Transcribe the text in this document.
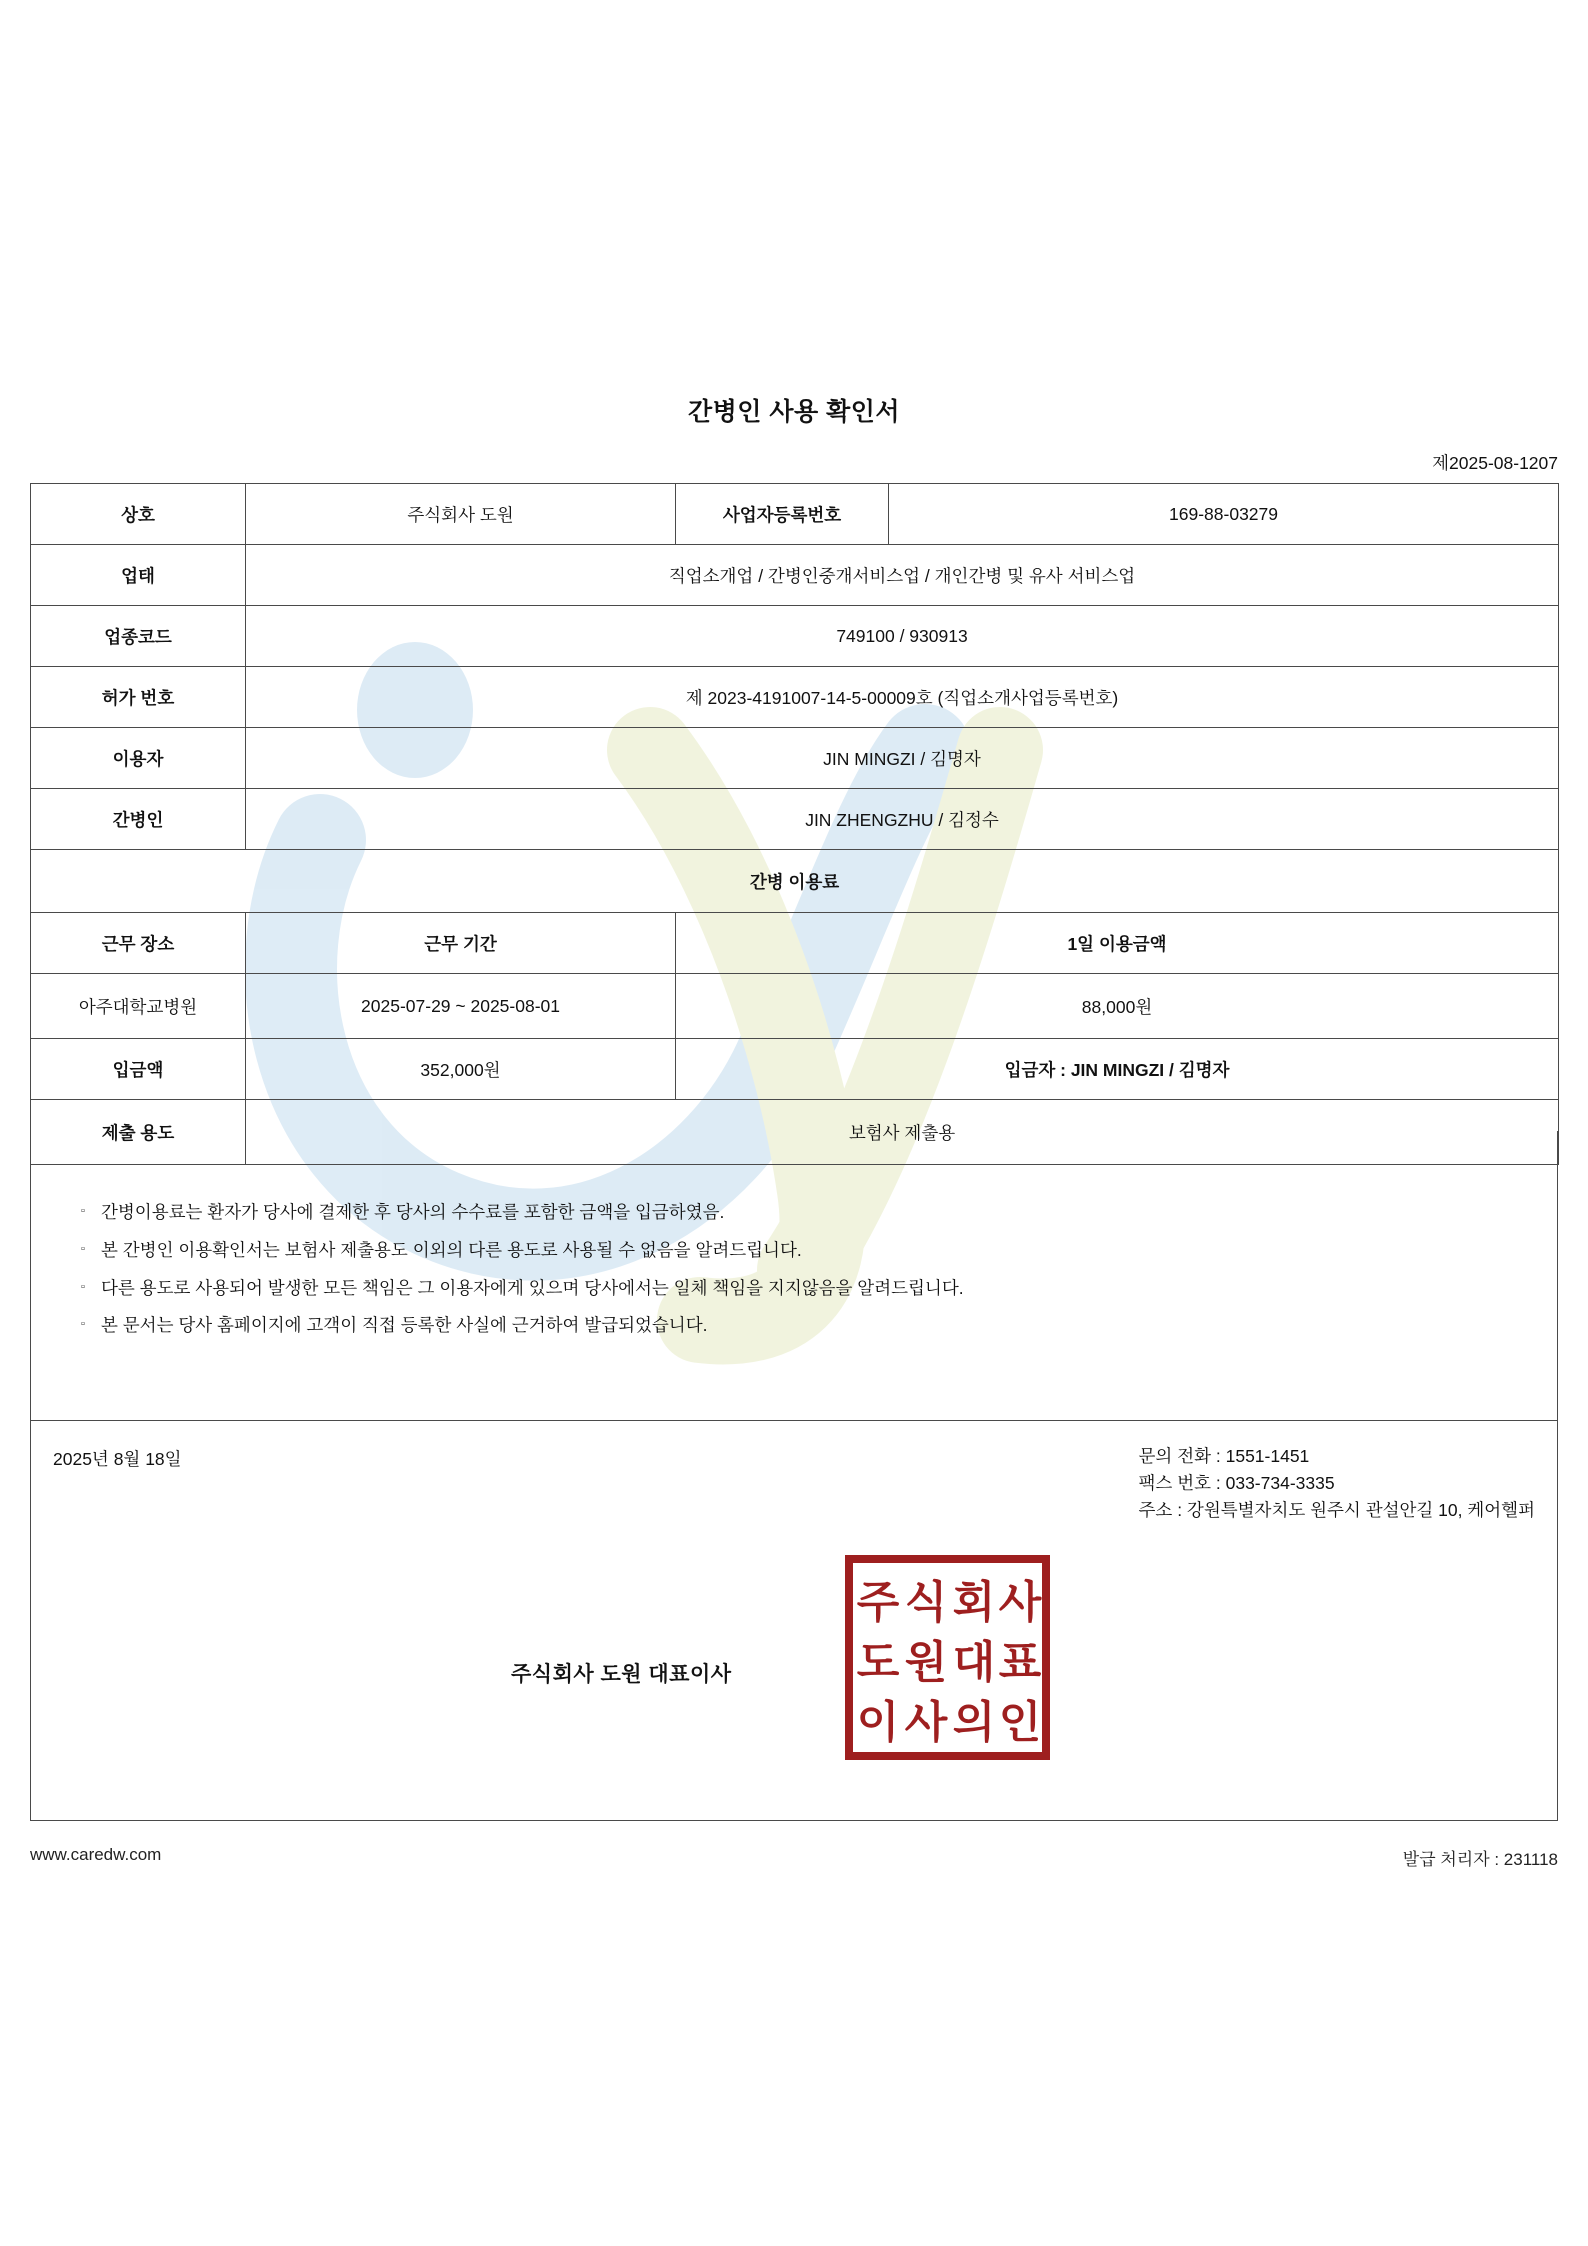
간병인 사용 확인서
제2025-08-1207
상호	주식회사 도원	사업자등록번호	169-88-03279
업태	직업소개업 / 간병인중개서비스업 / 개인간병 및 유사 서비스업		
업종코드	749100 / 930913		
허가 번호	제 2023-4191007-14-5-00009호 (직업소개사업등록번호)		
이용자	JIN MINGZI / 김명자		
간병인	JIN ZHENGZHU / 김정수		
간병 이용료			
근무 장소	근무 기간	1일 이용금액	
아주대학교병원	2025-07-29 ~ 2025-08-01	88,000원	
입금액	352,000원	입금자 : JIN MINGZI / 김명자	
제출 용도	보험사 제출용		
▫ 간병이용료는 환자가 당사에 결제한 후 당사의 수수료를 포함한 금액을 입금하였음.
▫ 본 간병인 이용확인서는 보험사 제출용도 이외의 다른 용도로 사용될 수 없음을 알려드립니다.
▫ 다른 용도로 사용되어 발생한 모든 책임은 그 이용자에게 있으며 당사에서는 일체 책임을 지지않음을 알려드립니다.
▫ 본 문서는 당사 홈페이지에 고객이 직접 등록한 사실에 근거하여 발급되었습니다.
2025년 8월 18일	문의 전화 : 1551-1451
팩스 번호 : 033-734-3335
주소 : 강원특별자치도 원주시 관설안길 10, 케어헬퍼
주식회사 도원 대표이사
주 식 회 사
도 원 대 표
이 사 의 인
www.caredw.com	발급 처리자 : 231118
